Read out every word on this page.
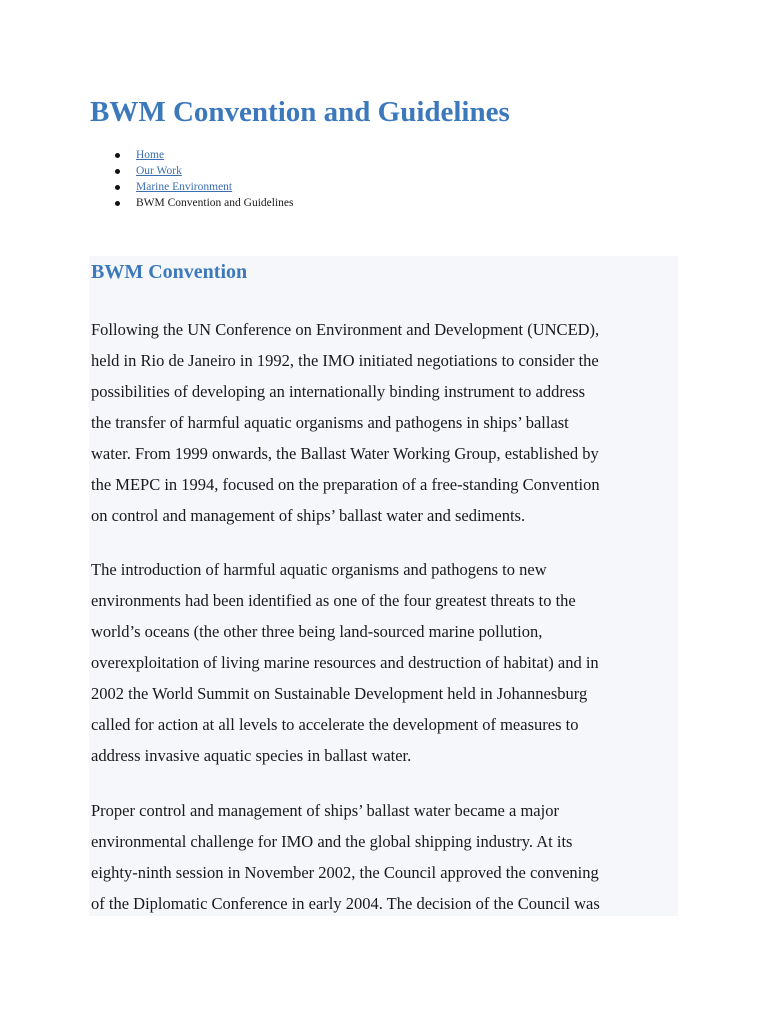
BWM Convention and Guidelines
Home
Our Work
Marine Environment
BWM Convention and Guidelines
BWM Convention

Following the UN Conference on Environment and Development (UNCED),
held in Rio de Janeiro in 1992, the IMO initiated negotiations to consider the
possibilities of developing an internationally binding instrument to address
the transfer of harmful aquatic organisms and pathogens in ships’ ballast
water. From 1999 onwards, the Ballast Water Working Group, established by
the MEPC in 1994, focused on the preparation of a free-standing Convention
on control and management of ships’ ballast water and sediments.

The introduction of harmful aquatic organisms and pathogens to new
environments had been identified as one of the four greatest threats to the
world’s oceans (the other three being land-sourced marine pollution,
overexploitation of living marine resources and destruction of habitat) and in
2002 the World Summit on Sustainable Development held in Johannesburg
called for action at all levels to accelerate the development of measures to
address invasive aquatic species in ballast water.

Proper control and management of ships’ ballast water became a major
environmental challenge for IMO and the global shipping industry. At its
eighty-ninth session in November 2002, the Council approved the convening
of the Diplomatic Conference in early 2004. The decision of the Council was
